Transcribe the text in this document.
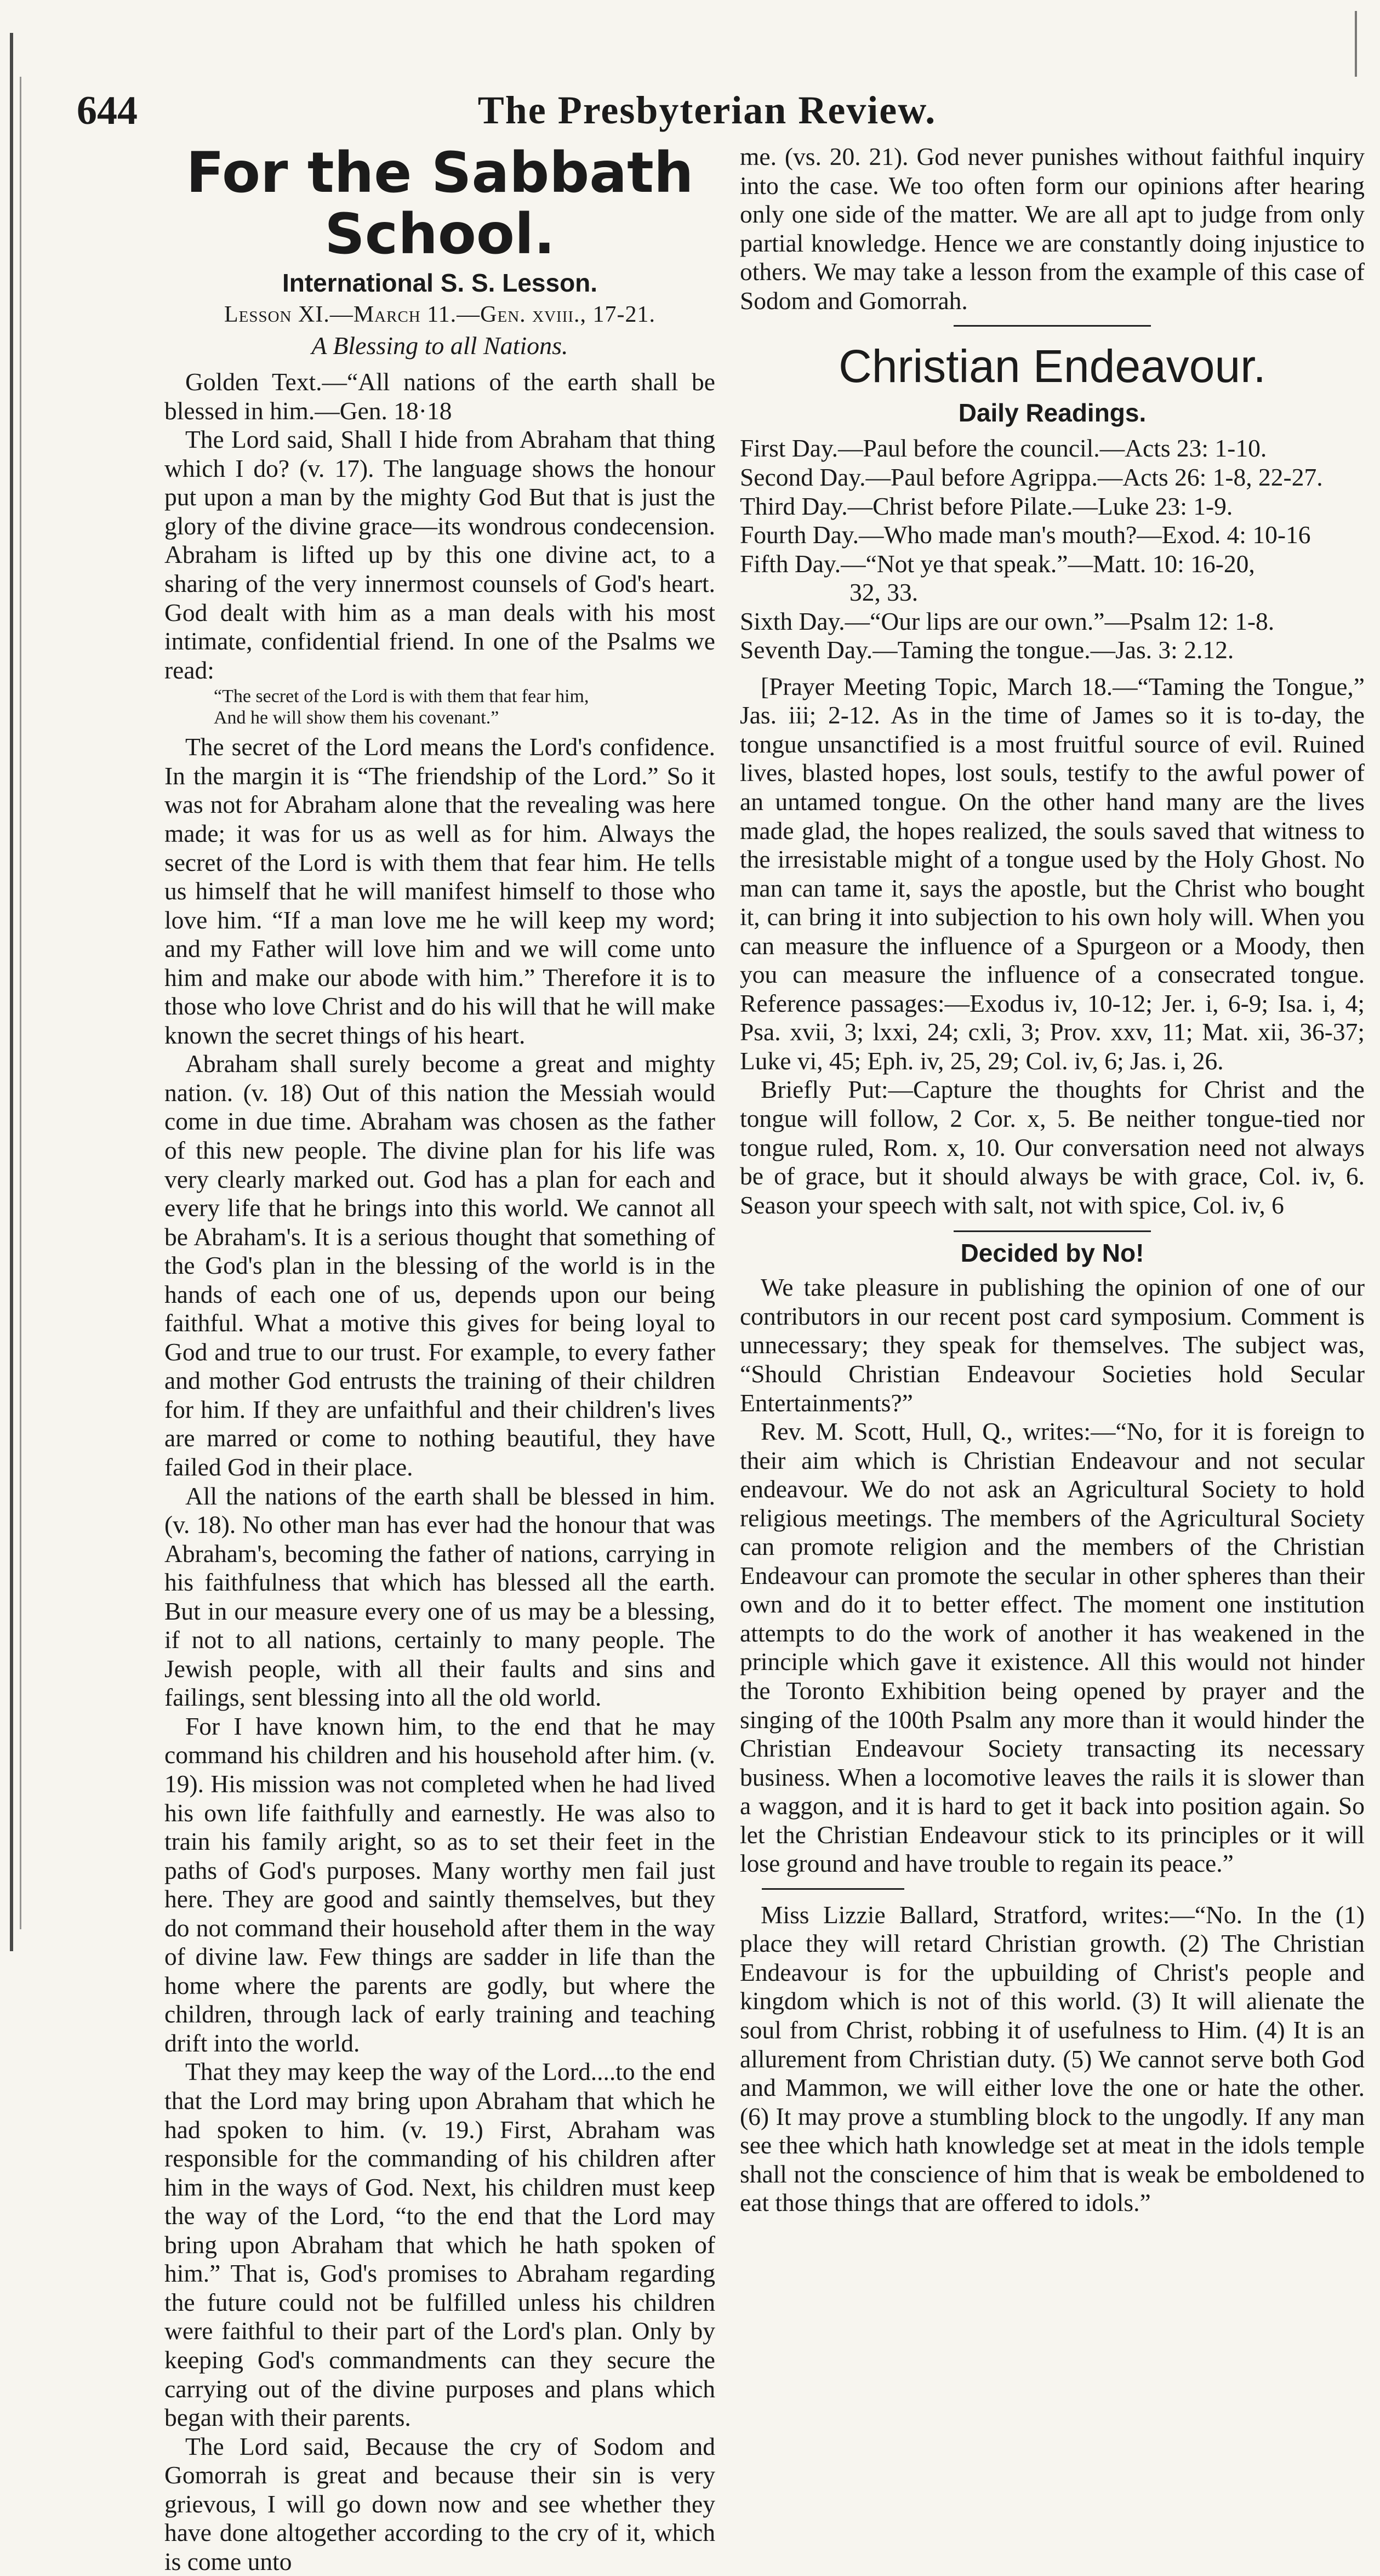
644	The Presbyterian Review.
For the Sabbath School.
International S. S. Lesson.
Lesson XI.—March 11.—Gen. xviii., 17-21.
A Blessing to all Nations.

Golden Text.—“All nations of the earth shall be blessed in him.—Gen. 18·18

The Lord said, Shall I hide from Abraham that thing which I do? (v. 17). The language shows the honour put upon a man by the mighty God But that is just the glory of the divine grace—its wondrous condecension. Abraham is lifted up by this one divine act, to a sharing of the very innermost counsels of God's heart. God dealt with him as a man deals with his most intimate, confidential friend. In one of the Psalms we read:

“The secret of the Lord is with them that fear him,
And he will show them his covenant.”

The secret of the Lord means the Lord's confidence. In the margin it is “The friendship of the Lord.” So it was not for Abraham alone that the revealing was here made; it was for us as well as for him. Always the secret of the Lord is with them that fear him. He tells us himself that he will manifest himself to those who love him. “If a man love me he will keep my word; and my Father will love him and we will come unto him and make our abode with him.” Therefore it is to those who love Christ and do his will that he will make known the secret things of his heart.

Abraham shall surely become a great and mighty nation. (v. 18) Out of this nation the Messiah would come in due time. Abraham was chosen as the father of this new people. The divine plan for his life was very clearly marked out. God has a plan for each and every life that he brings into this world. We cannot all be Abraham's. It is a serious thought that something of the God's plan in the blessing of the world is in the hands of each one of us, depends upon our being faithful. What a motive this gives for being loyal to God and true to our trust. For example, to every father and mother God entrusts the training of their children for him. If they are unfaithful and their children's lives are marred or come to nothing beautiful, they have failed God in their place.

All the nations of the earth shall be blessed in him. (v. 18). No other man has ever had the honour that was Abraham's, becoming the father of nations, carrying in his faithfulness that which has blessed all the earth. But in our measure every one of us may be a blessing, if not to all nations, certainly to many people. The Jewish people, with all their faults and sins and failings, sent blessing into all the old world.

For I have known him, to the end that he may command his children and his household after him. (v. 19). His mission was not completed when he had lived his own life faithfully and earnestly. He was also to train his family aright, so as to set their feet in the paths of God's purposes. Many worthy men fail just here. They are good and saintly themselves, but they do not command their household after them in the way of divine law. Few things are sadder in life than the home where the parents are godly, but where the children, through lack of early training and teaching drift into the world.

That they may keep the way of the Lord....to the end that the Lord may bring upon Abraham that which he had spoken to him. (v. 19.) First, Abraham was responsible for the commanding of his children after him in the ways of God. Next, his children must keep the way of the Lord, “to the end that the Lord may bring upon Abraham that which he hath spoken of him.” That is, God's promises to Abraham regarding the future could not be fulfilled unless his children were faithful to their part of the Lord's plan. Only by keeping God's commandments can they secure the carrying out of the divine purposes and plans which began with their parents.

The Lord said, Because the cry of Sodom and Gomorrah is great and because their sin is very grievous, I will go down now and see whether they have done altogether according to the cry of it, which is come unto

me. (vs. 20. 21). God never punishes without faithful inquiry into the case. We too often form our opinions after hearing only one side of the matter. We are all apt to judge from only partial knowledge. Hence we are constantly doing injustice to others. We may take a lesson from the example of this case of Sodom and Gomorrah.

Christian Endeavour.
Daily Readings.

First Day.—Paul before the council.—Acts 23: 1-10.

Second Day.—Paul before Agrippa.—Acts 26: 1-8, 22-27.

Third Day.—Christ before Pilate.—Luke 23: 1-9.

Fourth Day.—Who made man's mouth?—Exod. 4: 10-16

Fifth Day.—“Not ye that speak.”—Matt. 10: 16-20,

32, 33.

Sixth Day.—“Our lips are our own.”—Psalm 12: 1-8.

Seventh Day.—Taming the tongue.—Jas. 3: 2.12.

[Prayer Meeting Topic, March 18.—“Taming the Tongue,” Jas. iii; 2-12. As in the time of James so it is to-day, the tongue unsanctified is a most fruitful source of evil. Ruined lives, blasted hopes, lost souls, testify to the awful power of an untamed tongue. On the other hand many are the lives made glad, the hopes realized, the souls saved that witness to the irresistable might of a tongue used by the Holy Ghost. No man can tame it, says the apostle, but the Christ who bought it, can bring it into subjection to his own holy will. When you can measure the influence of a Spurgeon or a Moody, then you can measure the influence of a consecrated tongue. Reference passages:—Exodus iv, 10-12; Jer. i, 6-9; Isa. i, 4; Psa. xvii, 3; lxxi, 24; cxli, 3; Prov. xxv, 11; Mat. xii, 36-37; Luke vi, 45; Eph. iv, 25, 29; Col. iv, 6; Jas. i, 26.

Briefly Put:—Capture the thoughts for Christ and the tongue will follow, 2 Cor. x, 5. Be neither tongue-tied nor tongue ruled, Rom. x, 10. Our conversation need not always be of grace, but it should always be with grace, Col. iv, 6. Season your speech with salt, not with spice, Col. iv, 6

Decided by No!

We take pleasure in publishing the opinion of one of our contributors in our recent post card symposium. Comment is unnecessary; they speak for themselves. The subject was, “Should Christian Endeavour Societies hold Secular Entertainments?”

Rev. M. Scott, Hull, Q., writes:—“No, for it is foreign to their aim which is Christian Endeavour and not secular endeavour. We do not ask an Agricultural Society to hold religious meetings. The members of the Agricultural Society can promote religion and the members of the Christian Endeavour can promote the secular in other spheres than their own and do it to better effect. The moment one institution attempts to do the work of another it has weakened in the principle which gave it existence. All this would not hinder the Toronto Exhibition being opened by prayer and the singing of the 100th Psalm any more than it would hinder the Christian Endeavour Society transacting its necessary business. When a locomotive leaves the rails it is slower than a waggon, and it is hard to get it back into position again. So let the Christian Endeavour stick to its principles or it will lose ground and have trouble to regain its peace.”

Miss Lizzie Ballard, Stratford, writes:—“No. In the (1) place they will retard Christian growth. (2) The Christian Endeavour is for the upbuilding of Christ's people and kingdom which is not of this world. (3) It will alienate the soul from Christ, robbing it of usefulness to Him. (4) It is an allurement from Christian duty. (5) We cannot serve both God and Mammon, we will either love the one or hate the other. (6) It may prove a stumbling block to the ungodly. If any man see thee which hath knowledge set at meat in the idols temple shall not the conscience of him that is weak be emboldened to eat those things that are offered to idols.”
